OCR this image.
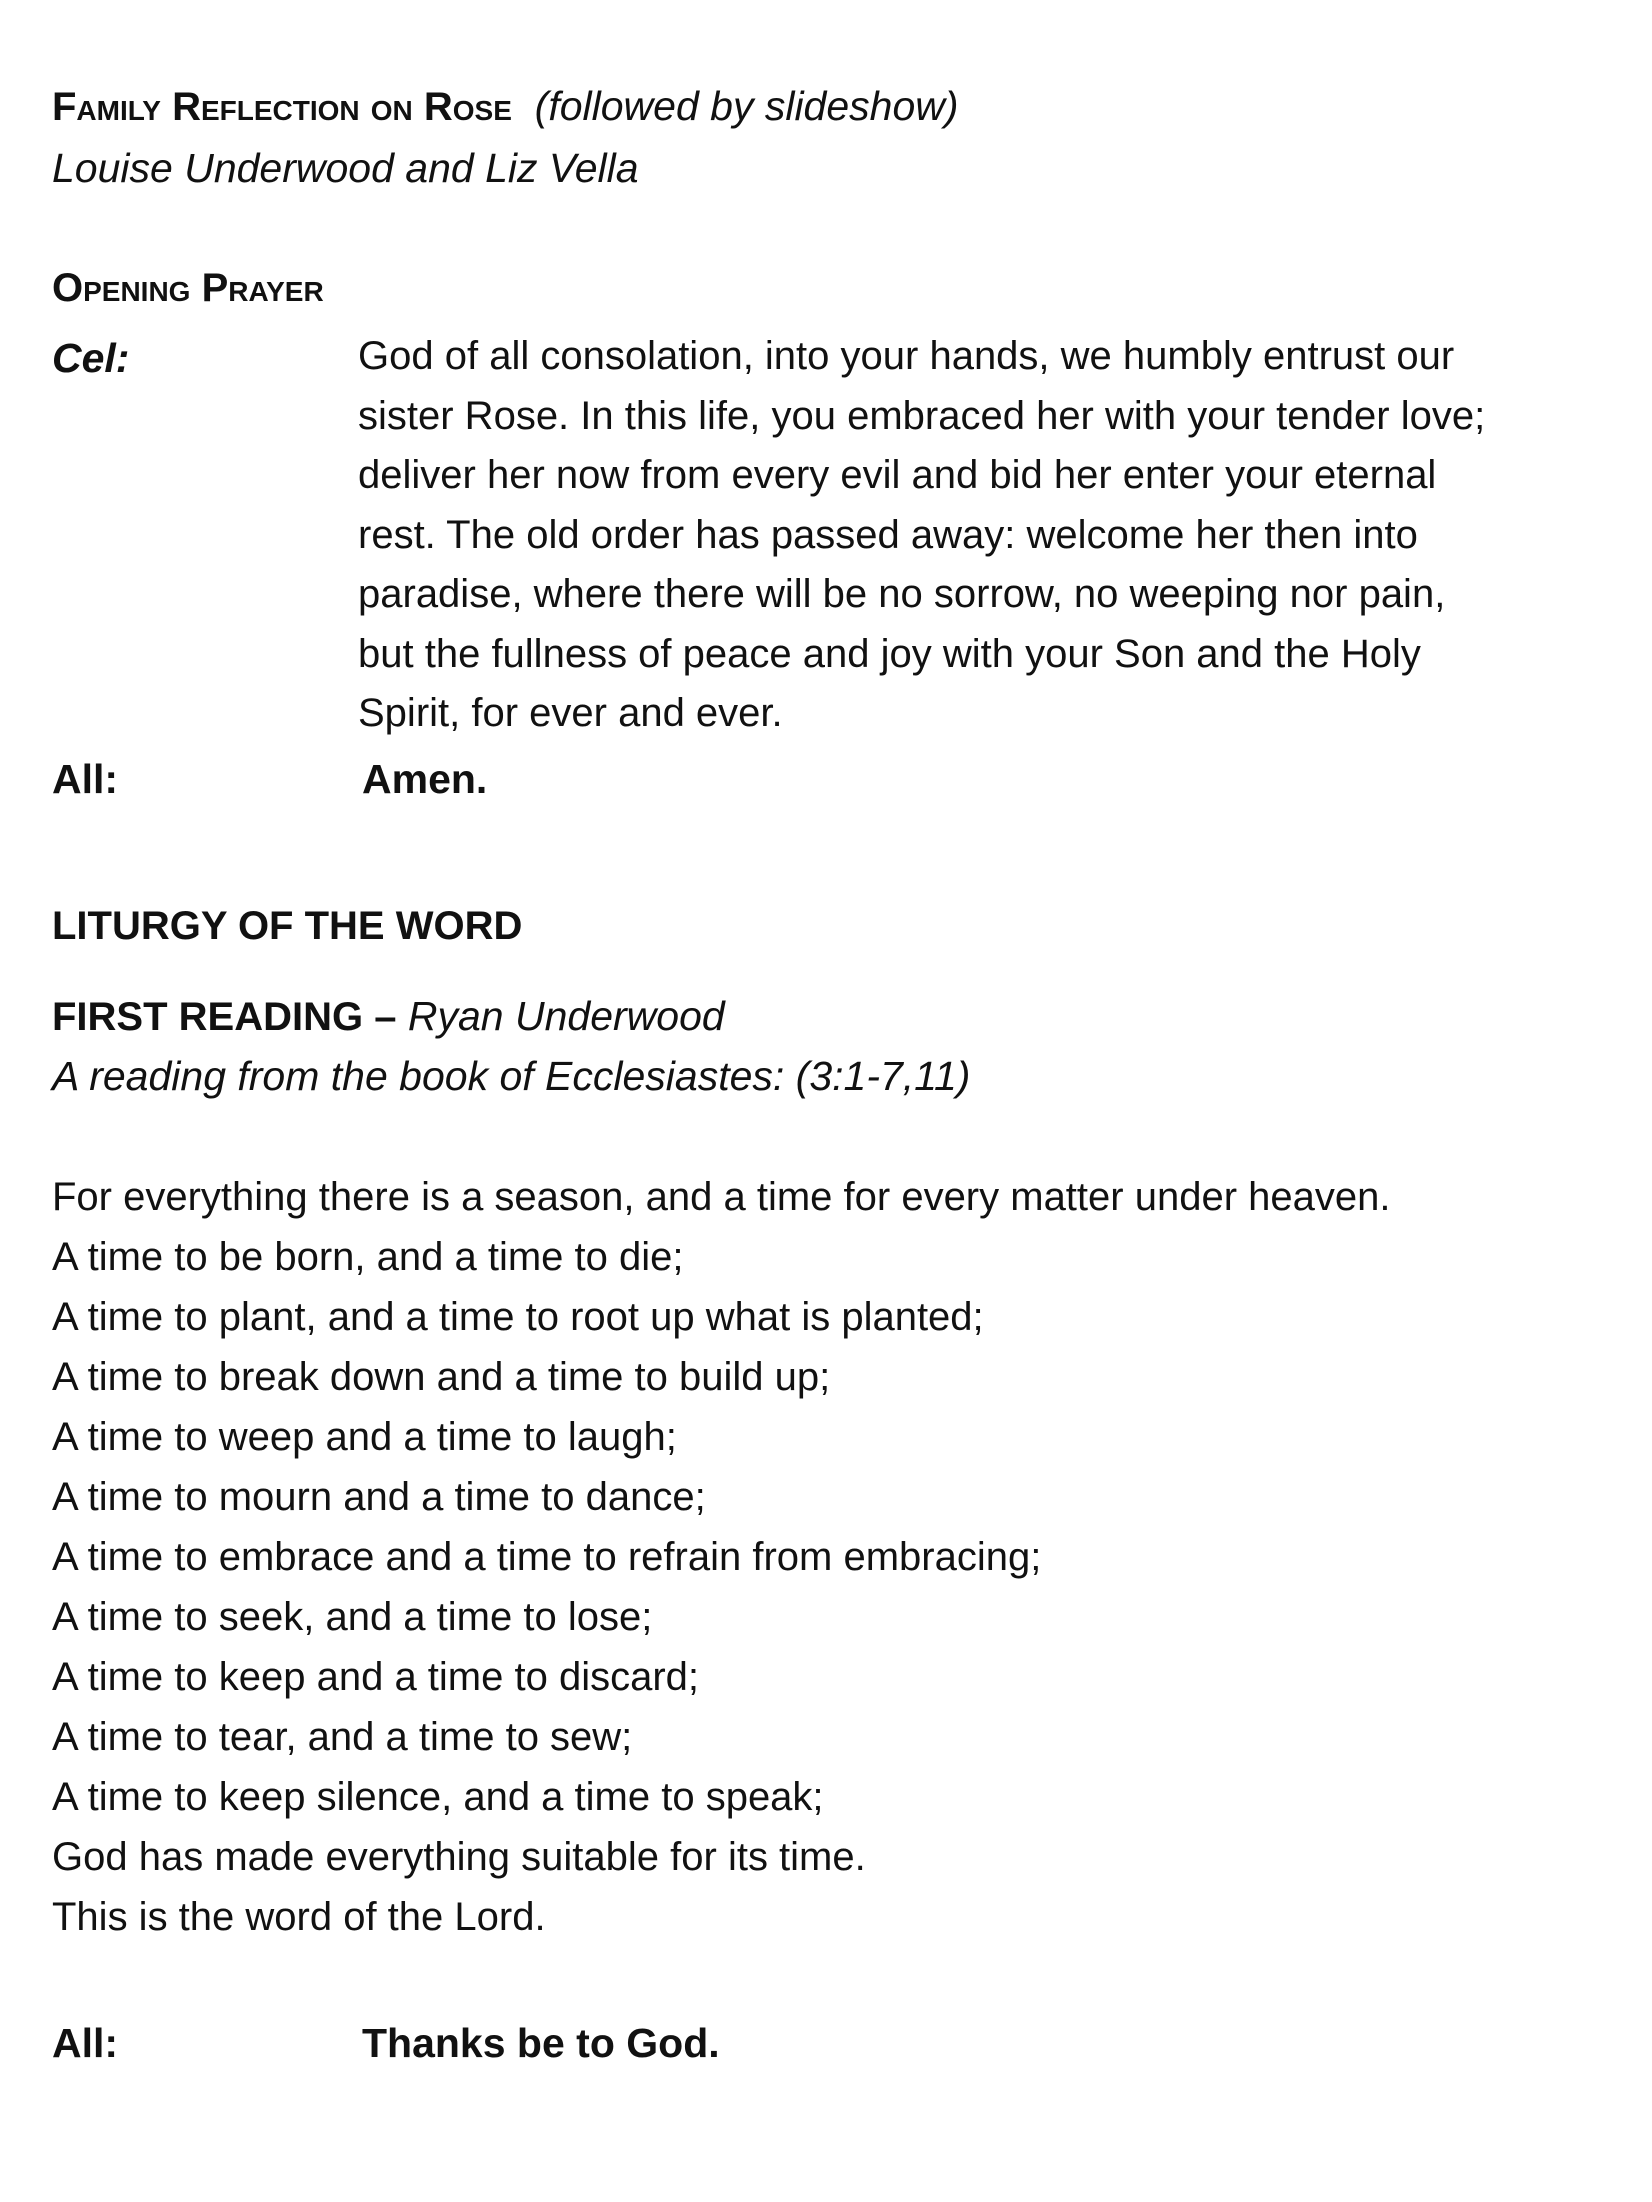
Family Reflection on Rose (followed by slideshow)
Louise Underwood and Liz Vella
Opening Prayer
Cel:	God of all consolation, into your hands, we humbly entrust our
sister Rose. In this life, you embraced her with your tender love;
deliver her now from every evil and bid her enter your eternal
rest. The old order has passed away: welcome her then into
paradise, where there will be no sorrow, no weeping nor pain,
but the fullness of peace and joy with your Son and the Holy
Spirit, for ever and ever.
All:	Amen.
LITURGY OF THE WORD
FIRST READING – Ryan Underwood
A reading from the book of Ecclesiastes: (3:1-7,11)
For everything there is a season, and a time for every matter under heaven.
A time to be born, and a time to die;
A time to plant, and a time to root up what is planted;
A time to break down and a time to build up;
A time to weep and a time to laugh;
A time to mourn and a time to dance;
A time to embrace and a time to refrain from embracing;
A time to seek, and a time to lose;
A time to keep and a time to discard;
A time to tear, and a time to sew;
A time to keep silence, and a time to speak;
God has made everything suitable for its time.
This is the word of the Lord.
All:	Thanks be to God.
